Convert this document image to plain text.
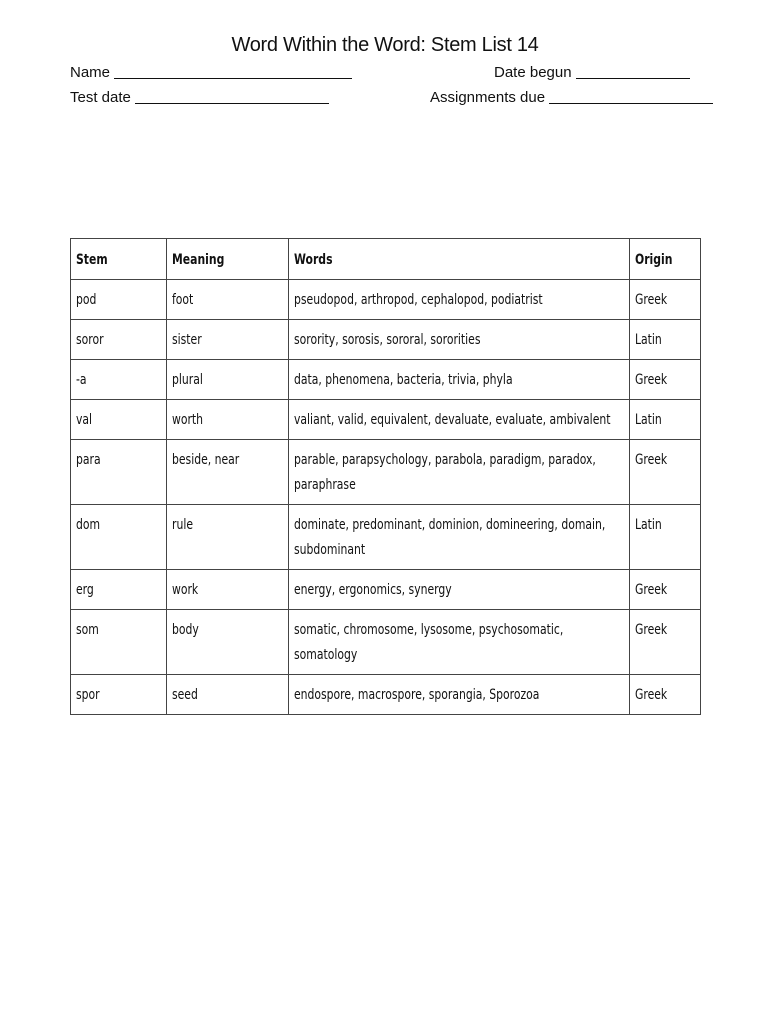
Word Within the Word: Stem List 14
Name	Date begun
Test date	Assignments due
Stem	Meaning	Words	Origin
pod	foot	pseudopod, arthropod, cephalopod, podiatrist	Greek
soror	sister	sorority, sorosis, sororal, sororities	Latin
-a	plural	data, phenomena, bacteria, trivia, phyla	Greek
val	worth	valiant, valid, equivalent, devaluate, evaluate, ambivalent	Latin
para	beside, near	parable, parapsychology, parabola, paradigm, paradox, paraphrase	Greek
dom	rule	dominate, predominant, dominion, domineering, domain, subdominant	Latin
erg	work	energy, ergonomics, synergy	Greek
som	body	somatic, chromosome, lysosome, psychosomatic, somatology	Greek
spor	seed	endospore, macrospore, sporangia, Sporozoa	Greek
